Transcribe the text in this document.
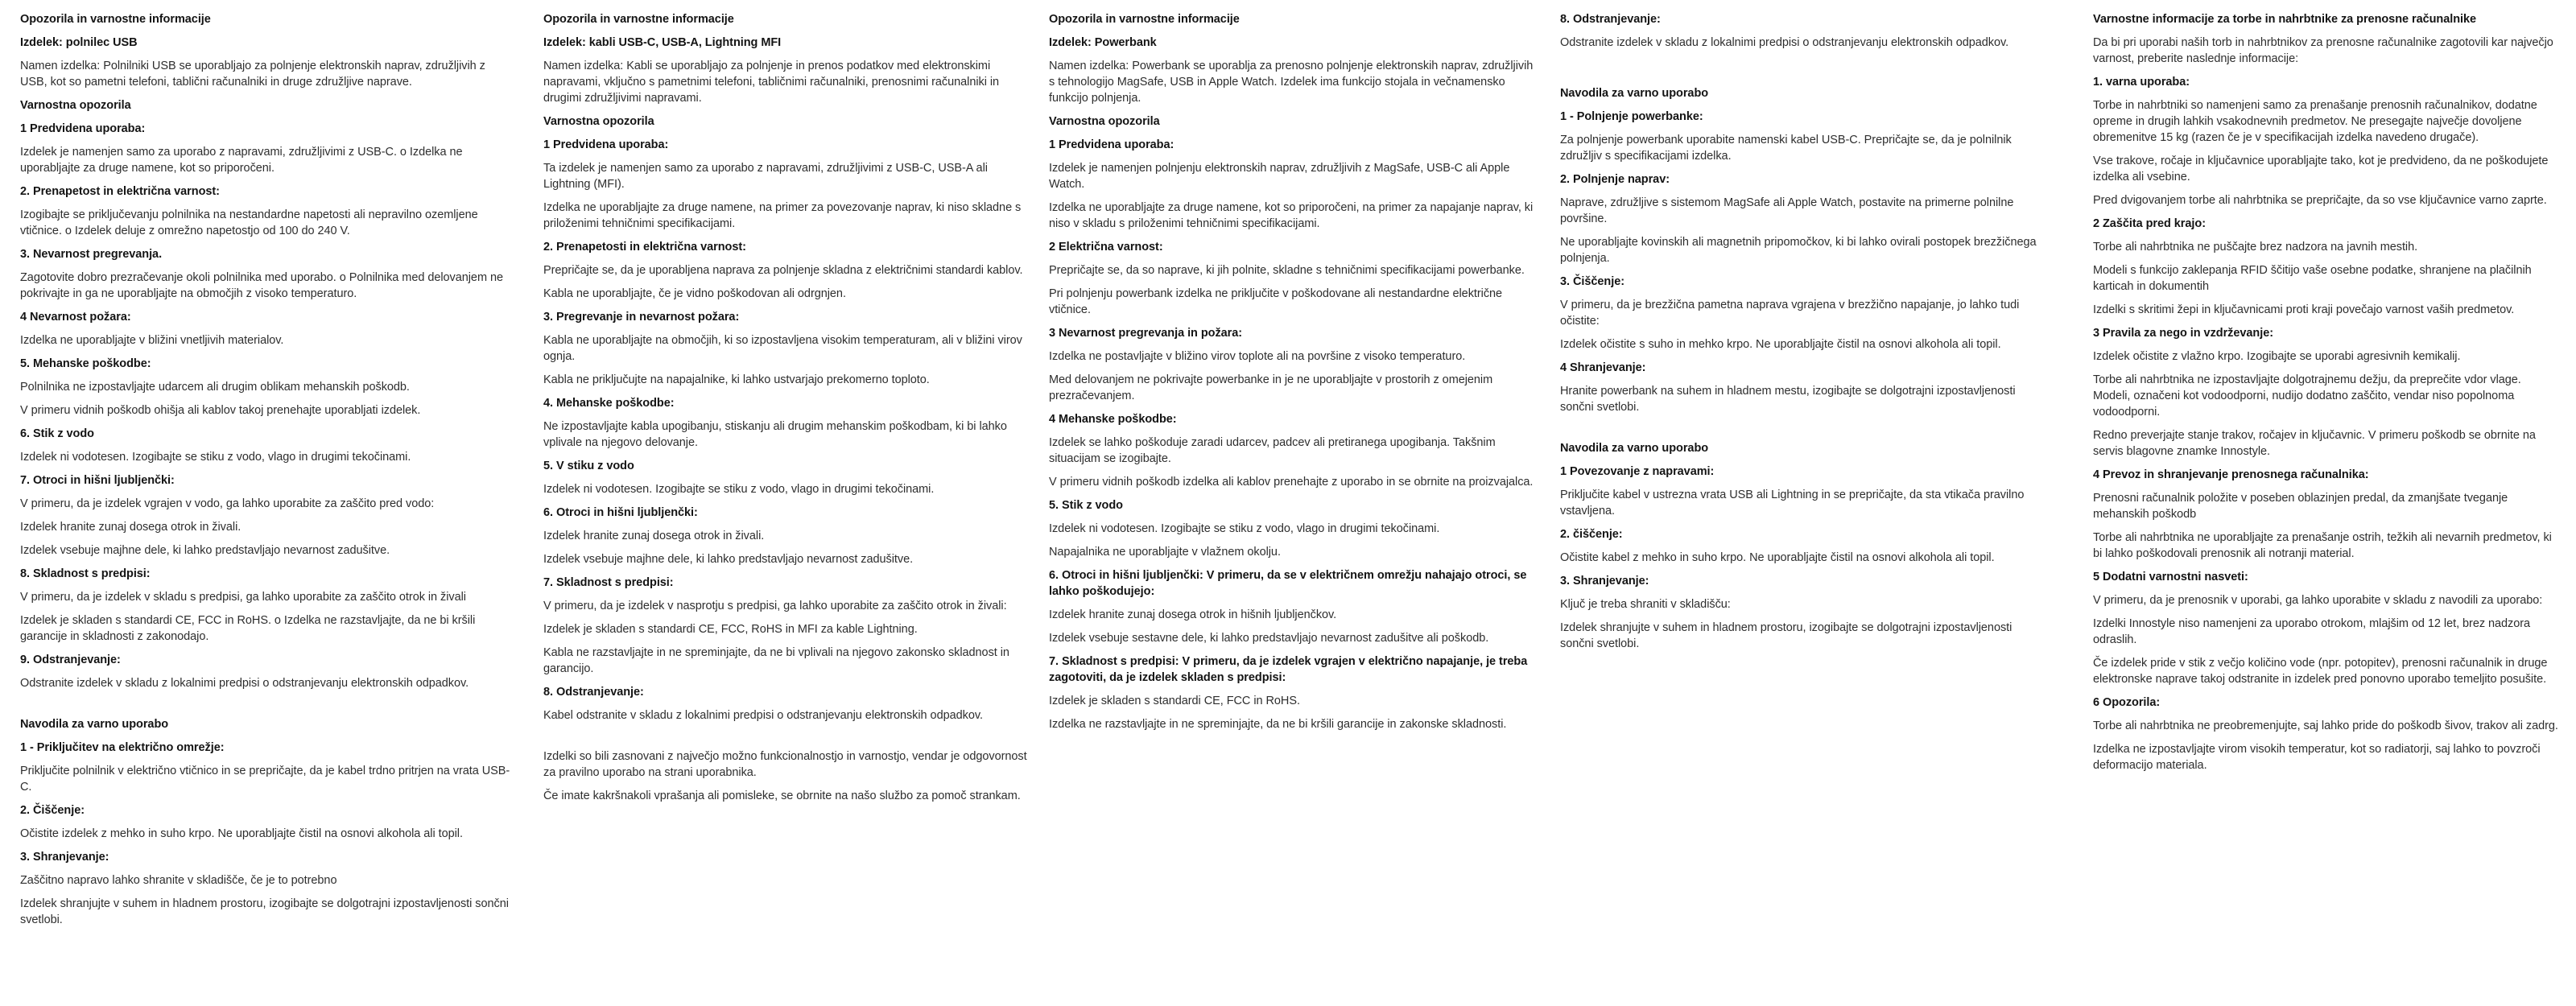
Opozorila in varnostne informacije

Izdelek: polnilec USB

Namen izdelka: Polnilniki USB se uporabljajo za polnjenje elektronskih naprav, združljivih z USB, kot so pametni telefoni, tablični računalniki in druge združljive naprave.

Varnostna opozorila

1 Predvidena uporaba:

Izdelek je namenjen samo za uporabo z napravami, združljivimi z USB-C. o Izdelka ne uporabljajte za druge namene, kot so priporočeni.

2. Prenapetost in električna varnost:

Izogibajte se priključevanju polnilnika na nestandardne napetosti ali nepravilno ozemljene vtičnice. o Izdelek deluje z omrežno napetostjo od 100 do 240 V.

3. Nevarnost pregrevanja.

Zagotovite dobro prezračevanje okoli polnilnika med uporabo. o Polnilnika med delovanjem ne pokrivajte in ga ne uporabljajte na območjih z visoko temperaturo.

4 Nevarnost požara:

Izdelka ne uporabljajte v bližini vnetljivih materialov.

5. Mehanske poškodbe:

Polnilnika ne izpostavljajte udarcem ali drugim oblikam mehanskih poškodb.

V primeru vidnih poškodb ohišja ali kablov takoj prenehajte uporabljati izdelek.

6. Stik z vodo

Izdelek ni vodotesen. Izogibajte se stiku z vodo, vlago in drugimi tekočinami.

7. Otroci in hišni ljubljenčki:

V primeru, da je izdelek vgrajen v vodo, ga lahko uporabite za zaščito pred vodo:

Izdelek hranite zunaj dosega otrok in živali.

Izdelek vsebuje majhne dele, ki lahko predstavljajo nevarnost zadušitve.

8. Skladnost s predpisi:

V primeru, da je izdelek v skladu s predpisi, ga lahko uporabite za zaščito otrok in živali

Izdelek je skladen s standardi CE, FCC in RoHS. o Izdelka ne razstavljajte, da ne bi kršili garancije in skladnosti z zakonodajo.

9. Odstranjevanje:

Odstranite izdelek v skladu z lokalnimi predpisi o odstranjevanju elektronskih odpadkov.

Navodila za varno uporabo

1 - Priključitev na električno omrežje:

Priključite polnilnik v električno vtičnico in se prepričajte, da je kabel trdno pritrjen na vrata USB-C.

2. Čiščenje:

Očistite izdelek z mehko in suho krpo. Ne uporabljajte čistil na osnovi alkohola ali topil.

3. Shranjevanje:

Zaščitno napravo lahko shranite v skladišče, če je to potrebno

Izdelek shranjujte v suhem in hladnem prostoru, izogibajte se dolgotrajni izpostavljenosti sončni svetlobi.

Opozorila in varnostne informacije

Izdelek: kabli USB-C, USB-A, Lightning MFI

Namen izdelka: Kabli se uporabljajo za polnjenje in prenos podatkov med elektronskimi napravami, vključno s pametnimi telefoni, tabličnimi računalniki, prenosnimi računalniki in drugimi združljivimi napravami.

Varnostna opozorila

1 Predvidena uporaba:

Ta izdelek je namenjen samo za uporabo z napravami, združljivimi z USB-C, USB-A ali Lightning (MFI).

Izdelka ne uporabljajte za druge namene, na primer za povezovanje naprav, ki niso skladne s priloženimi tehničnimi specifikacijami.

2. Prenapetosti in električna varnost:

Prepričajte se, da je uporabljena naprava za polnjenje skladna z električnimi standardi kablov.

Kabla ne uporabljajte, če je vidno poškodovan ali odrgnjen.

3. Pregrevanje in nevarnost požara:

Kabla ne uporabljajte na območjih, ki so izpostavljena visokim temperaturam, ali v bližini virov ognja.

Kabla ne priključujte na napajalnike, ki lahko ustvarjajo prekomerno toploto.

4. Mehanske poškodbe:

Ne izpostavljajte kabla upogibanju, stiskanju ali drugim mehanskim poškodbam, ki bi lahko vplivale na njegovo delovanje.

5. V stiku z vodo

Izdelek ni vodotesen. Izogibajte se stiku z vodo, vlago in drugimi tekočinami.

6. Otroci in hišni ljubljenčki:

Izdelek hranite zunaj dosega otrok in živali.

Izdelek vsebuje majhne dele, ki lahko predstavljajo nevarnost zadušitve.

7. Skladnost s predpisi:

V primeru, da je izdelek v nasprotju s predpisi, ga lahko uporabite za zaščito otrok in živali:

Izdelek je skladen s standardi CE, FCC, RoHS in MFI za kable Lightning.

Kabla ne razstavljajte in ne spreminjajte, da ne bi vplivali na njegovo zakonsko skladnost in garancijo.

8. Odstranjevanje:

Kabel odstranite v skladu z lokalnimi predpisi o odstranjevanju elektronskih odpadkov.

Izdelki so bili zasnovani z največjo možno funkcionalnostjo in varnostjo, vendar je odgovornost za pravilno uporabo na strani uporabnika.

Če imate kakršnakoli vprašanja ali pomisleke, se obrnite na našo službo za pomoč strankam.

Opozorila in varnostne informacije

Izdelek: Powerbank

Namen izdelka: Powerbank se uporablja za prenosno polnjenje elektronskih naprav, združljivih s tehnologijo MagSafe, USB in Apple Watch. Izdelek ima funkcijo stojala in večnamensko funkcijo polnjenja.

Varnostna opozorila

1 Predvidena uporaba:

Izdelek je namenjen polnjenju elektronskih naprav, združljivih z MagSafe, USB-C ali Apple Watch.

Izdelka ne uporabljajte za druge namene, kot so priporočeni, na primer za napajanje naprav, ki niso v skladu s priloženimi tehničnimi specifikacijami.

2 Električna varnost:

Prepričajte se, da so naprave, ki jih polnite, skladne s tehničnimi specifikacijami powerbanke.

Pri polnjenju powerbank izdelka ne priključite v poškodovane ali nestandardne električne vtičnice.

3 Nevarnost pregrevanja in požara:

Izdelka ne postavljajte v bližino virov toplote ali na površine z visoko temperaturo.

Med delovanjem ne pokrivajte powerbanke in je ne uporabljajte v prostorih z omejenim prezračevanjem.

4 Mehanske poškodbe:

Izdelek se lahko poškoduje zaradi udarcev, padcev ali pretiranega upogibanja. Takšnim situacijam se izogibajte.

V primeru vidnih poškodb izdelka ali kablov prenehajte z uporabo in se obrnite na proizvajalca.

5. Stik z vodo

Izdelek ni vodotesen. Izogibajte se stiku z vodo, vlago in drugimi tekočinami.

Napajalnika ne uporabljajte v vlažnem okolju.

6. Otroci in hišni ljubljenčki: V primeru, da se v električnem omrežju nahajajo otroci, se lahko poškodujejo:

Izdelek hranite zunaj dosega otrok in hišnih ljubljenčkov.

Izdelek vsebuje sestavne dele, ki lahko predstavljajo nevarnost zadušitve ali poškodb.

7. Skladnost s predpisi: V primeru, da je izdelek vgrajen v električno napajanje, je treba zagotoviti, da je izdelek skladen s predpisi:

Izdelek je skladen s standardi CE, FCC in RoHS.

Izdelka ne razstavljajte in ne spreminjajte, da ne bi kršili garancije in zakonske skladnosti.

8. Odstranjevanje:

Odstranite izdelek v skladu z lokalnimi predpisi o odstranjevanju elektronskih odpadkov.

Navodila za varno uporabo

1 - Polnjenje powerbanke:

Za polnjenje powerbank uporabite namenski kabel USB-C. Prepričajte se, da je polnilnik združljiv s specifikacijami izdelka.

2. Polnjenje naprav:

Naprave, združljive s sistemom MagSafe ali Apple Watch, postavite na primerne polnilne površine.

Ne uporabljajte kovinskih ali magnetnih pripomočkov, ki bi lahko ovirali postopek brezžičnega polnjenja.

3. Čiščenje:

V primeru, da je brezžična pametna naprava vgrajena v brezžično napajanje, jo lahko tudi očistite:

Izdelek očistite s suho in mehko krpo. Ne uporabljajte čistil na osnovi alkohola ali topil.

4 Shranjevanje:

Hranite powerbank na suhem in hladnem mestu, izogibajte se dolgotrajni izpostavljenosti sončni svetlobi.

Navodila za varno uporabo

1 Povezovanje z napravami:

Priključite kabel v ustrezna vrata USB ali Lightning in se prepričajte, da sta vtikača pravilno vstavljena.

2. čiščenje:

Očistite kabel z mehko in suho krpo. Ne uporabljajte čistil na osnovi alkohola ali topil.

3. Shranjevanje:

Ključ je treba shraniti v skladišču:

Izdelek shranjujte v suhem in hladnem prostoru, izogibajte se dolgotrajni izpostavljenosti sončni svetlobi.

Varnostne informacije za torbe in nahrbtnike za prenosne računalnike

Da bi pri uporabi naših torb in nahrbtnikov za prenosne računalnike zagotovili kar največjo varnost, preberite naslednje informacije:

1. varna uporaba:

Torbe in nahrbtniki so namenjeni samo za prenašanje prenosnih računalnikov, dodatne opreme in drugih lahkih vsakodnevnih predmetov. Ne presegajte največje dovoljene obremenitve 15 kg (razen če je v specifikacijah izdelka navedeno drugače).

Vse trakove, ročaje in ključavnice uporabljajte tako, kot je predvideno, da ne poškodujete izdelka ali vsebine.

Pred dvigovanjem torbe ali nahrbtnika se prepričajte, da so vse ključavnice varno zaprte.

2 Zaščita pred krajo:

Torbe ali nahrbtnika ne puščajte brez nadzora na javnih mestih.

Modeli s funkcijo zaklepanja RFID ščitijo vaše osebne podatke, shranjene na plačilnih karticah in dokumentih

Izdelki s skritimi žepi in ključavnicami proti kraji povečajo varnost vaših predmetov.

3 Pravila za nego in vzdrževanje:

Izdelek očistite z vlažno krpo. Izogibajte se uporabi agresivnih kemikalij.

Torbe ali nahrbtnika ne izpostavljajte dolgotrajnemu dežju, da preprečite vdor vlage. Modeli, označeni kot vodoodporni, nudijo dodatno zaščito, vendar niso popolnoma vodoodporni.

Redno preverjajte stanje trakov, ročajev in ključavnic. V primeru poškodb se obrnite na servis blagovne znamke Innostyle.

4 Prevoz in shranjevanje prenosnega računalnika:

Prenosni računalnik položite v poseben oblazinjen predal, da zmanjšate tveganje mehanskih poškodb

Torbe ali nahrbtnika ne uporabljajte za prenašanje ostrih, težkih ali nevarnih predmetov, ki bi lahko poškodovali prenosnik ali notranji material.

5 Dodatni varnostni nasveti:

V primeru, da je prenosnik v uporabi, ga lahko uporabite v skladu z navodili za uporabo:

Izdelki Innostyle niso namenjeni za uporabo otrokom, mlajšim od 12 let, brez nadzora odraslih.

Če izdelek pride v stik z večjo količino vode (npr. potopitev), prenosni računalnik in druge elektronske naprave takoj odstranite in izdelek pred ponovno uporabo temeljito posušite.

6 Opozorila:

Torbe ali nahrbtnika ne preobremenjujte, saj lahko pride do poškodb šivov, trakov ali zadrg.

Izdelka ne izpostavljajte virom visokih temperatur, kot so radiatorji, saj lahko to povzroči deformacijo materiala.
